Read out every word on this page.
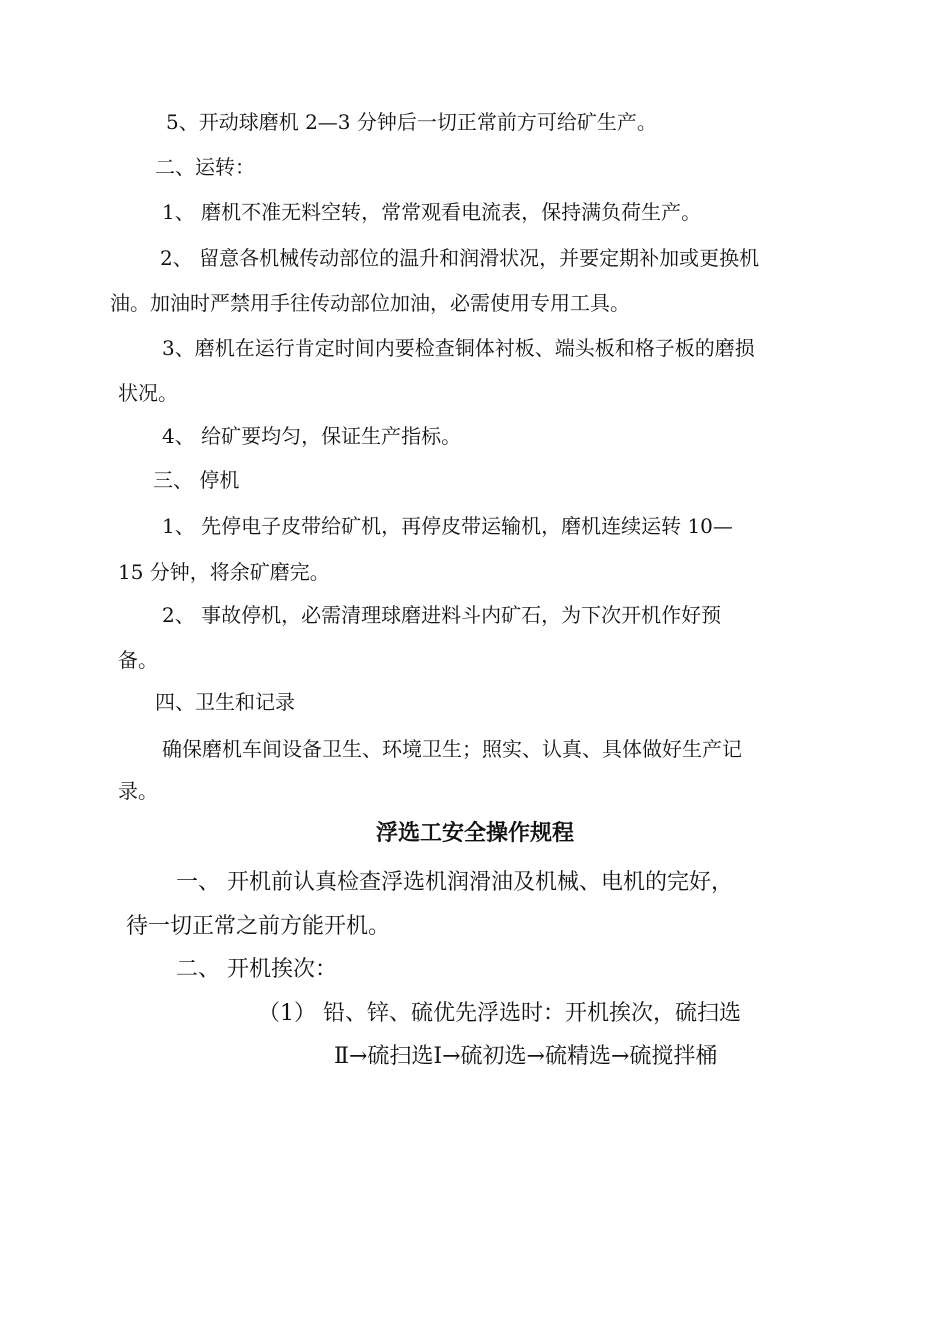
5、开动球磨机 2—3 分钟后一切正常前方可给矿生产。
二、运转：
1、 磨机不准无料空转，常常观看电流表，保持满负荷生产。
2、 留意各机械传动部位的温升和润滑状况，并要定期补加或更换机
油。加油时严禁用手往传动部位加油，必需使用专用工具。
3、磨机在运行肯定时间内要检查铜体衬板、端头板和格子板的磨损
状况。
4、 给矿要均匀，保证生产指标。
三、 停机
1、 先停电子皮带给矿机，再停皮带运输机，磨机连续运转 10—
15 分钟，将余矿磨完。
2、 事故停机，必需清理球磨进料斗内矿石，为下次开机作好预
备。
四、卫生和记录
确保磨机车间设备卫生、环境卫生；照实、认真、具体做好生产记
录。
浮选工安全操作规程
一、 开机前认真检查浮选机润滑油及机械、电机的完好，
待一切正常之前方能开机。
二、 开机挨次：
（1） 铅、锌、硫优先浮选时：开机挨次，硫扫选
Ⅱ→硫扫选Ⅰ→硫初选→硫精选→硫搅拌桶
